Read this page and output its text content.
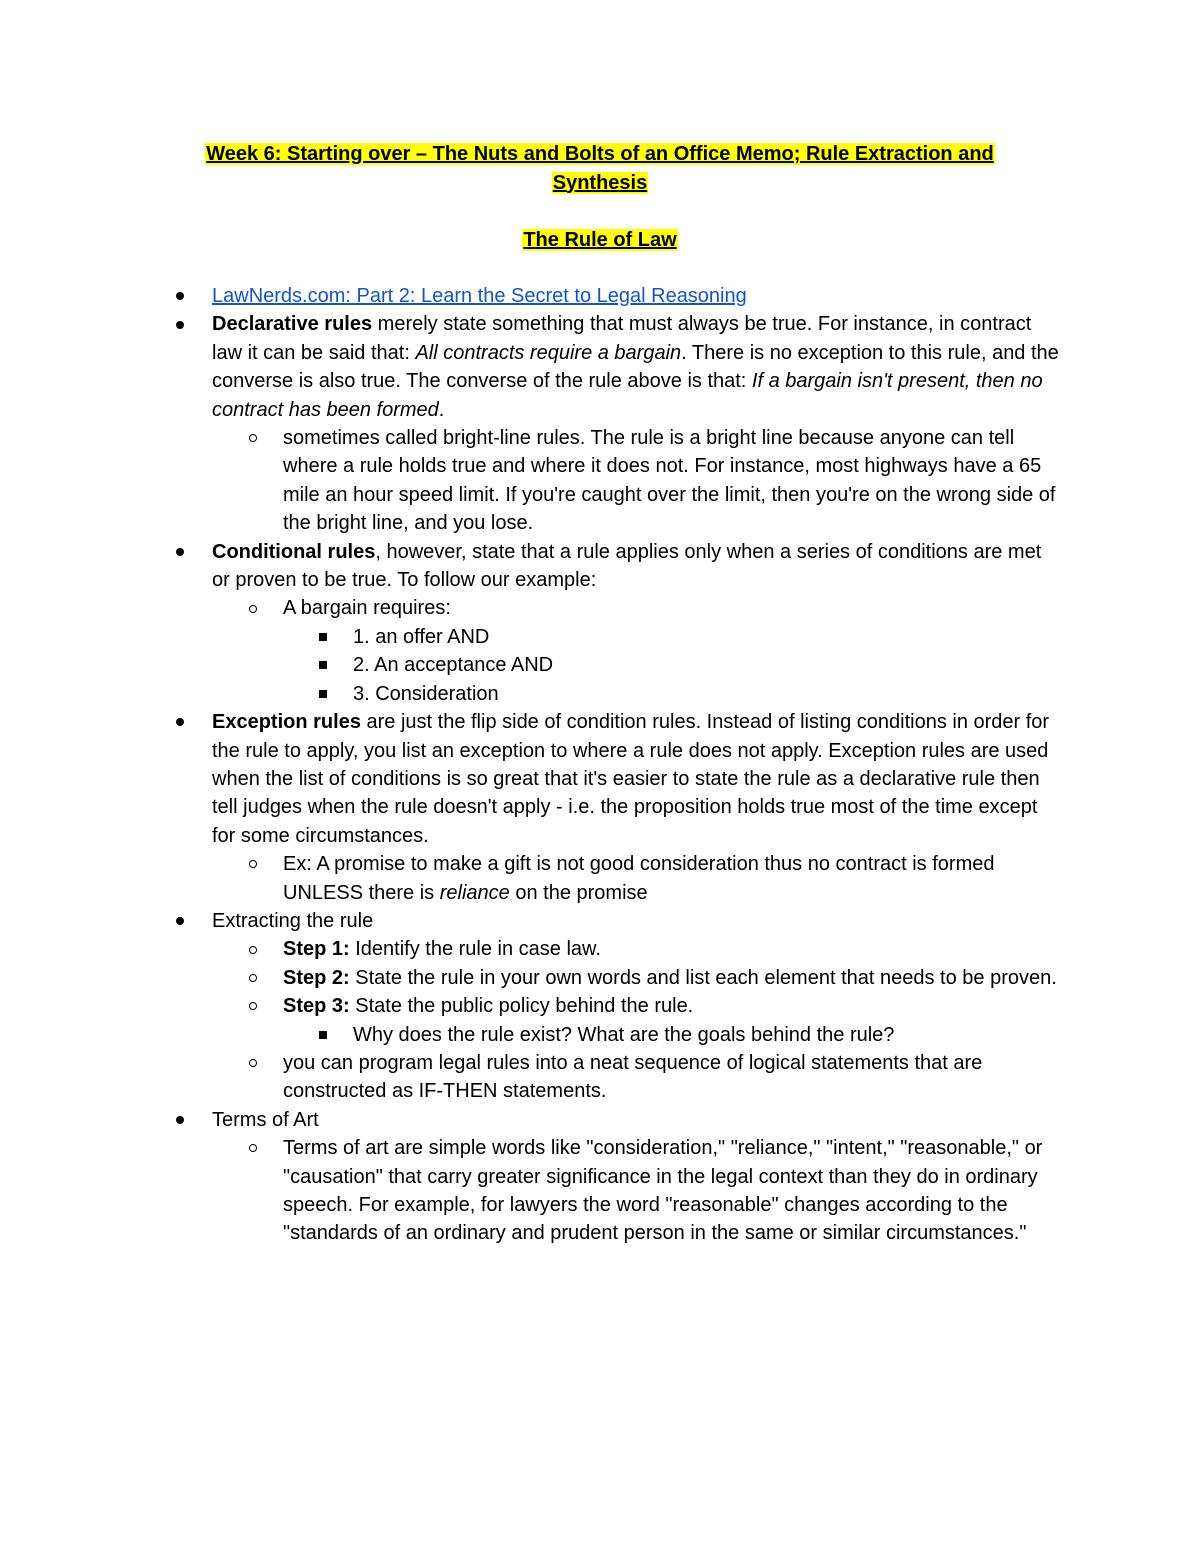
Week 6: Starting over – The Nuts and Bolts of an Office Memo; Rule Extraction and
Synthesis
The Rule of Law
LawNerds.com: Part 2: Learn the Secret to Legal Reasoning
Declarative rules merely state something that must always be true. For instance, in contract law it can be said that: All contracts require a bargain. There is no exception to this rule, and the converse is also true. The converse of the rule above is that: If a bargain isn't present, then no contract has been formed.
sometimes called bright-line rules. The rule is a bright line because anyone can tell where a rule holds true and where it does not. For instance, most highways have a 65 mile an hour speed limit. If you're caught over the limit, then you're on the wrong side of the bright line, and you lose.
Conditional rules, however, state that a rule applies only when a series of conditions are met or proven to be true. To follow our example:
A bargain requires:
1. an offer AND
2. An acceptance AND
3. Consideration
Exception rules are just the flip side of condition rules. Instead of listing conditions in order for the rule to apply, you list an exception to where a rule does not apply. Exception rules are used when the list of conditions is so great that it's easier to state the rule as a declarative rule then tell judges when the rule doesn't apply - i.e. the proposition holds true most of the time except for some circumstances.
Ex: A promise to make a gift is not good consideration thus no contract is formed UNLESS there is reliance on the promise
Extracting the rule
Step 1: Identify the rule in case law.
Step 2: State the rule in your own words and list each element that needs to be proven.
Step 3: State the public policy behind the rule.
Why does the rule exist? What are the goals behind the rule?
you can program legal rules into a neat sequence of logical statements that are constructed as IF-THEN statements.
Terms of Art
Terms of art are simple words like "consideration," "reliance," "intent," "reasonable," or "causation" that carry greater significance in the legal context than they do in ordinary speech. For example, for lawyers the word "reasonable" changes according to the "standards of an ordinary and prudent person in the same or similar circumstances."
